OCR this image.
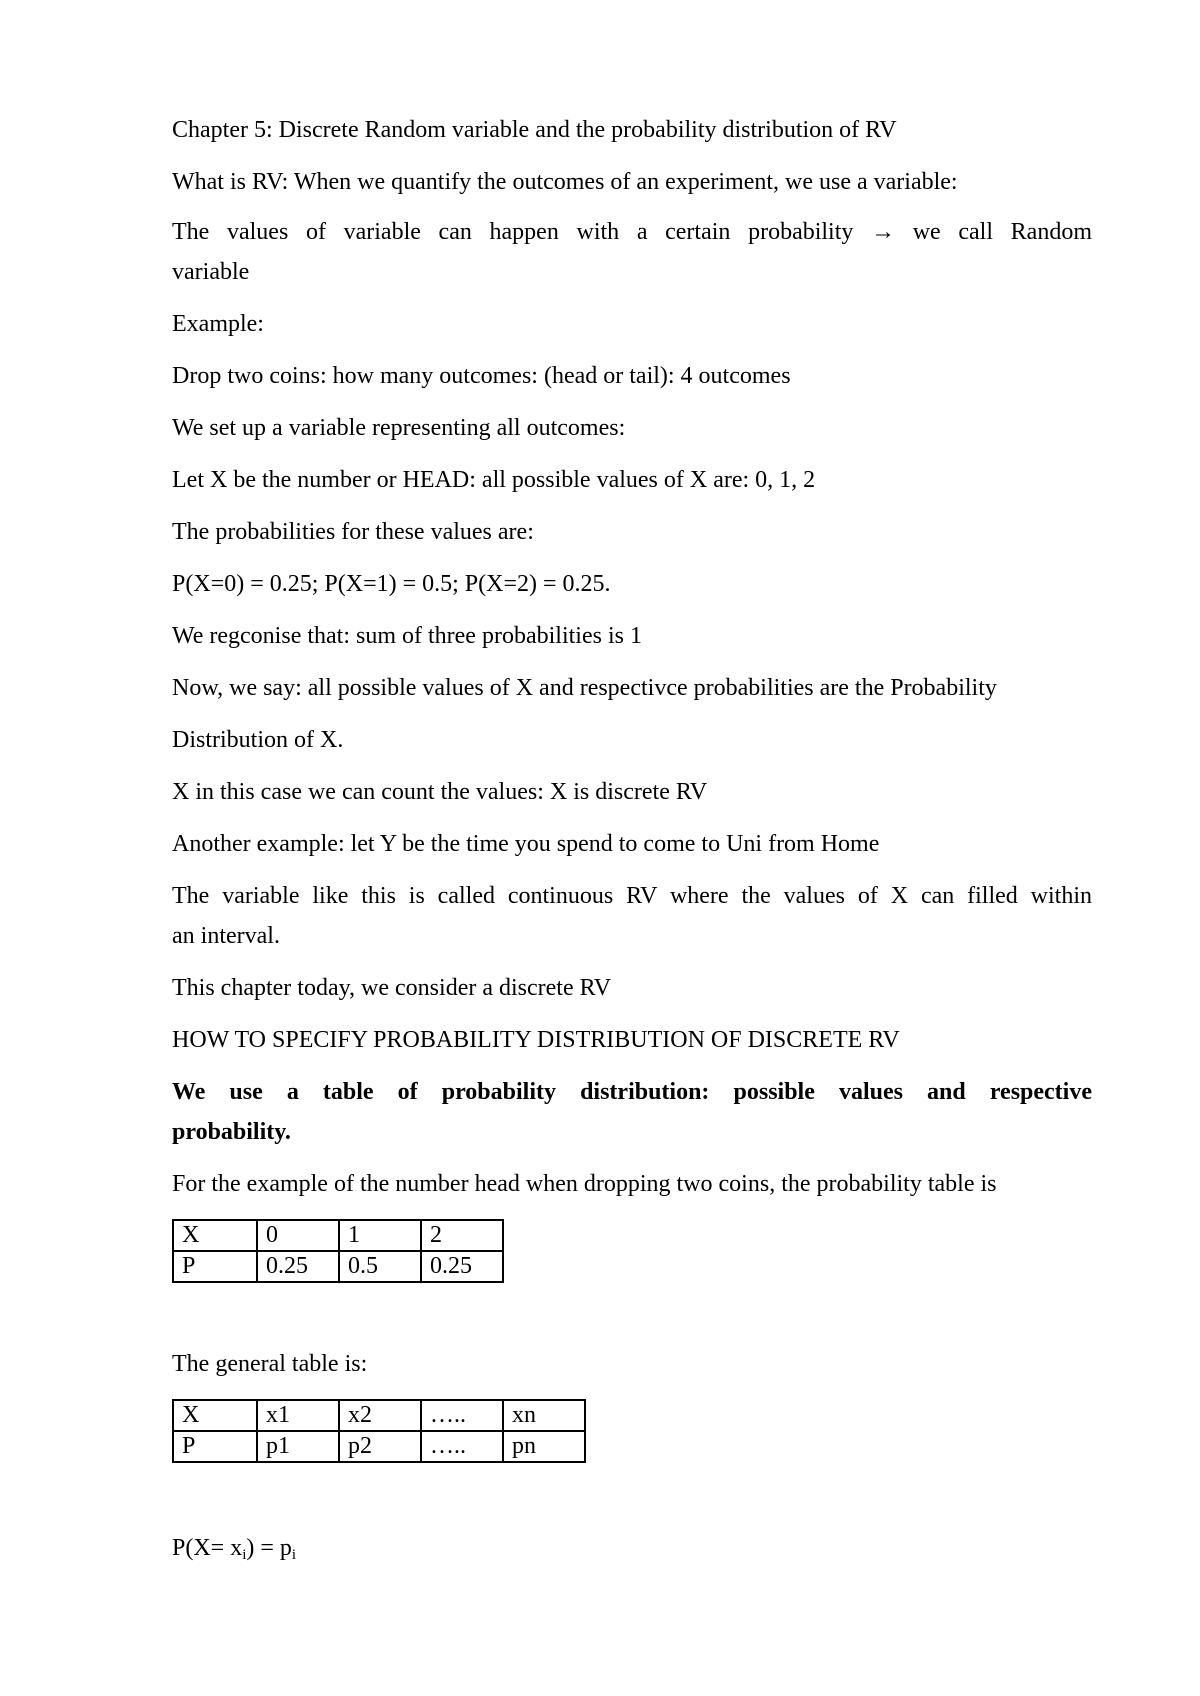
Chapter 5: Discrete Random variable and the probability distribution of RV
What is RV: When we quantify the outcomes of an experiment, we use a variable:
The values of variable can happen with a certain probability → we call Random
variable
Example:
Drop two coins: how many outcomes: (head or tail): 4 outcomes
We set up a variable representing all outcomes:
Let X be the number or HEAD: all possible values of X are: 0, 1, 2
The probabilities for these values are:
P(X=0) = 0.25; P(X=1) = 0.5; P(X=2) = 0.25.
We regconise that: sum of three probabilities is 1
Now, we say: all possible values of X and respectivce probabilities are the Probability
Distribution of X.
X in this case we can count the values: X is discrete RV
Another example: let Y be the time you spend to come to Uni from Home
The variable like this is called continuous RV where the values of X can filled within
an interval.
This chapter today, we consider a discrete RV
HOW TO SPECIFY PROBABILITY DISTRIBUTION OF DISCRETE RV
We use a table of probability distribution: possible values and respective
probability.
For the example of the number head when dropping two coins, the probability table is
X	0	1	2
P	0.25	0.5	0.25
The general table is:
X	x1	x2	…..	xn
P	p1	p2	…..	pn
$P(X= x_i) = p_i$
